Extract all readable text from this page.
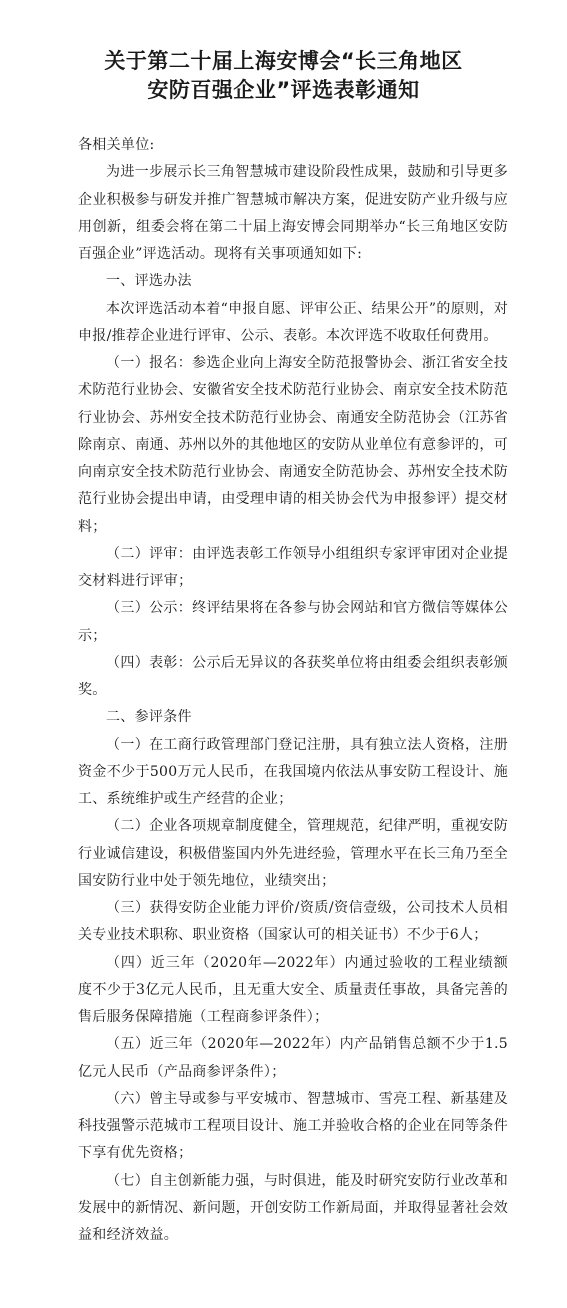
关于第二十届上海安博会“长三角地区
安防百强企业”评选表彰通知

各相关单位:

为进一步展示长三角智慧城市建设阶段性成果，鼓励和引导更多企业积极参与研发并推广智慧城市解决方案，促进安防产业升级与应用创新，组委会将在第二十届上海安博会同期举办“长三角地区安防百强企业”评选活动。现将有关事项通知如下:

一、评选办法

本次评选活动本着“申报自愿、评审公正、结果公开”的原则，对申报/推荐企业进行评审、公示、表彰。本次评选不收取任何费用。

（一）报名：参选企业向上海安全防范报警协会、浙江省安全技术防范行业协会、安徽省安全技术防范行业协会、南京安全技术防范行业协会、苏州安全技术防范行业协会、南通安全防范协会（江苏省除南京、南通、苏州以外的其他地区的安防从业单位有意参评的，可向南京安全技术防范行业协会、南通安全防范协会、苏州安全技术防范行业协会提出申请，由受理申请的相关协会代为申报参评）提交材料；

（二）评审：由评选表彰工作领导小组组织专家评审团对企业提交材料进行评审；

（三）公示：终评结果将在各参与协会网站和官方微信等媒体公示；

（四）表彰：公示后无异议的各获奖单位将由组委会组织表彰颁奖。

二、参评条件

（一）在工商行政管理部门登记注册，具有独立法人资格，注册资金不少于500万元人民币，在我国境内依法从事安防工程设计、施工、系统维护或生产经营的企业；

（二）企业各项规章制度健全，管理规范，纪律严明，重视安防行业诚信建设，积极借鉴国内外先进经验，管理水平在长三角乃至全国安防行业中处于领先地位，业绩突出；

（三）获得安防企业能力评价/资质/资信壹级，公司技术人员相关专业技术职称、职业资格（国家认可的相关证书）不少于6人；

（四）近三年（2020年—2022年）内通过验收的工程业绩额度不少于3亿元人民币，且无重大安全、质量责任事故，具备完善的售后服务保障措施（工程商参评条件）；

（五）近三年（2020年—2022年）内产品销售总额不少于1.5亿元人民币（产品商参评条件）；

（六）曾主导或参与平安城市、智慧城市、雪亮工程、新基建及科技强警示范城市工程项目设计、施工并验收合格的企业在同等条件下享有优先资格；

（七）自主创新能力强，与时俱进，能及时研究安防行业改革和发展中的新情况、新问题，开创安防工作新局面，并取得显著社会效益和经济效益。
